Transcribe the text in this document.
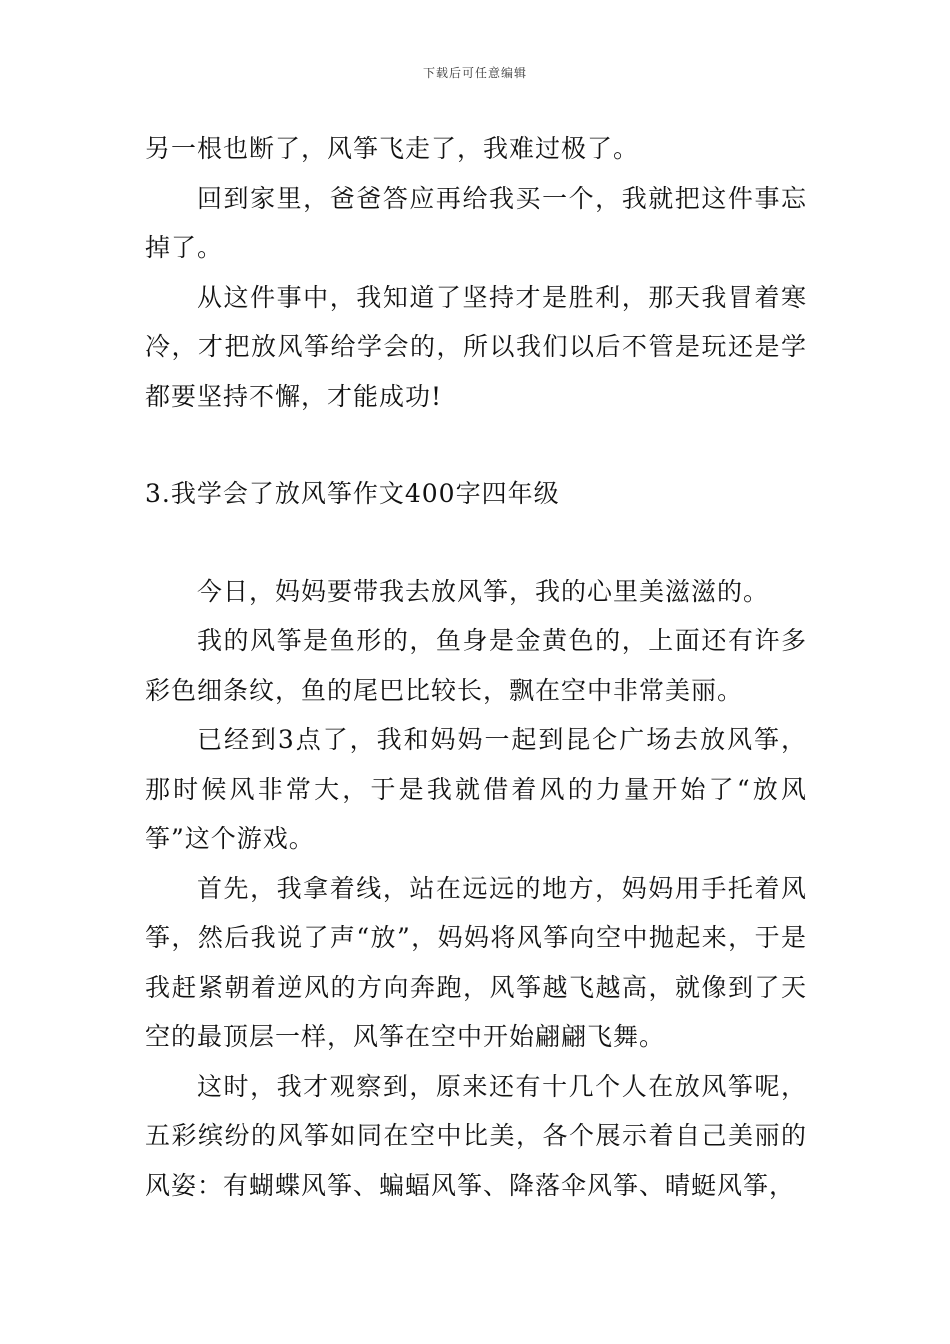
下载后可任意编辑

另一根也断了，风筝飞走了，我难过极了。

回到家里，爸爸答应再给我买一个，我就把这件事忘掉了。

从这件事中，我知道了坚持才是胜利，那天我冒着寒冷，才把放风筝给学会的，所以我们以后不管是玩还是学都要坚持不懈，才能成功!

3.我学会了放风筝作文400字四年级

今日，妈妈要带我去放风筝，我的心里美滋滋的。

我的风筝是鱼形的，鱼身是金黄色的，上面还有许多彩色细条纹，鱼的尾巴比较长，飘在空中非常美丽。

已经到3点了，我和妈妈一起到昆仑广场去放风筝，那时候风非常大，于是我就借着风的力量开始了“放风筝”这个游戏。

首先，我拿着线，站在远远的地方，妈妈用手托着风筝，然后我说了声“放”，妈妈将风筝向空中抛起来，于是我赶紧朝着逆风的方向奔跑，风筝越飞越高，就像到了天空的最顶层一样，风筝在空中开始翩翩飞舞。

这时，我才观察到，原来还有十几个人在放风筝呢，五彩缤纷的风筝如同在空中比美，各个展示着自己美丽的风姿：有蝴蝶风筝、蝙蝠风筝、降落伞风筝、晴蜓风筝，
